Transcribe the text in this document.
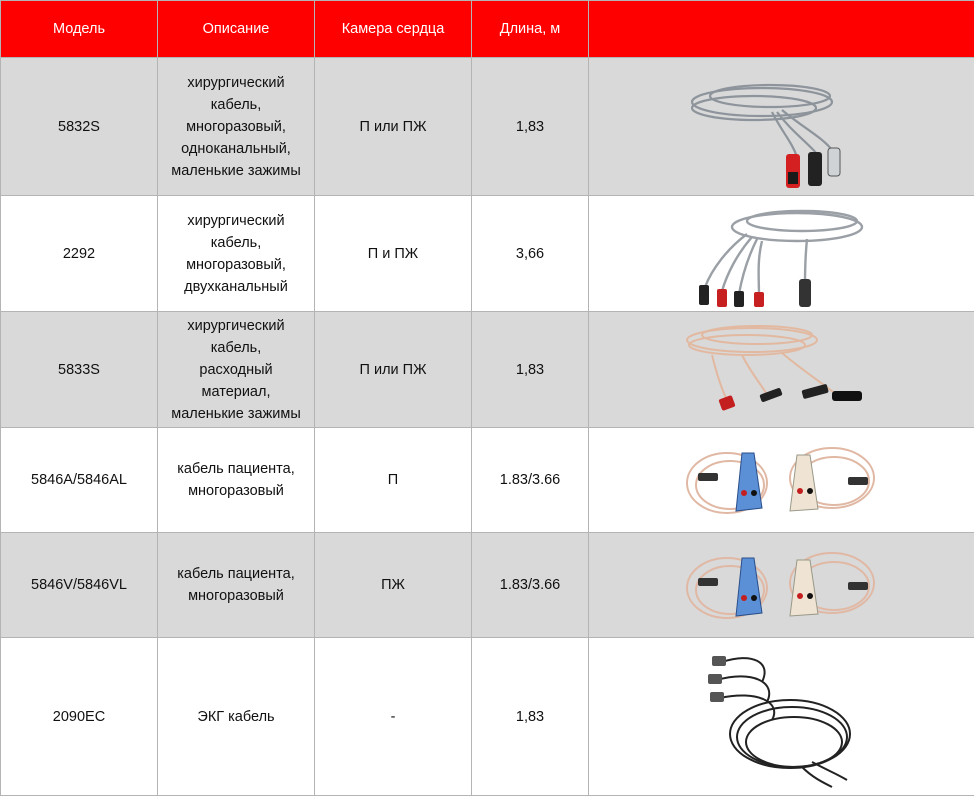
Модель	Описание	Камера сердца	Длина, м	
5832S	хирургический
кабель,
многоразовый,
одноканальный,
маленькие зажимы	П или ПЖ	1,83	

2292	хирургический
кабель,
многоразовый,
двухканальный	П и ПЖ	3,66	

5833S	хирургический
кабель,
расходный
материал,
маленькие зажимы	П или ПЖ	1,83	

5846A/5846AL	кабель пациента,
многоразовый	П	1.83/3.66	

5846V/5846VL	кабель пациента,
многоразовый	ПЖ	1.83/3.66	

2090EC	ЭКГ кабель	-	1,83	
